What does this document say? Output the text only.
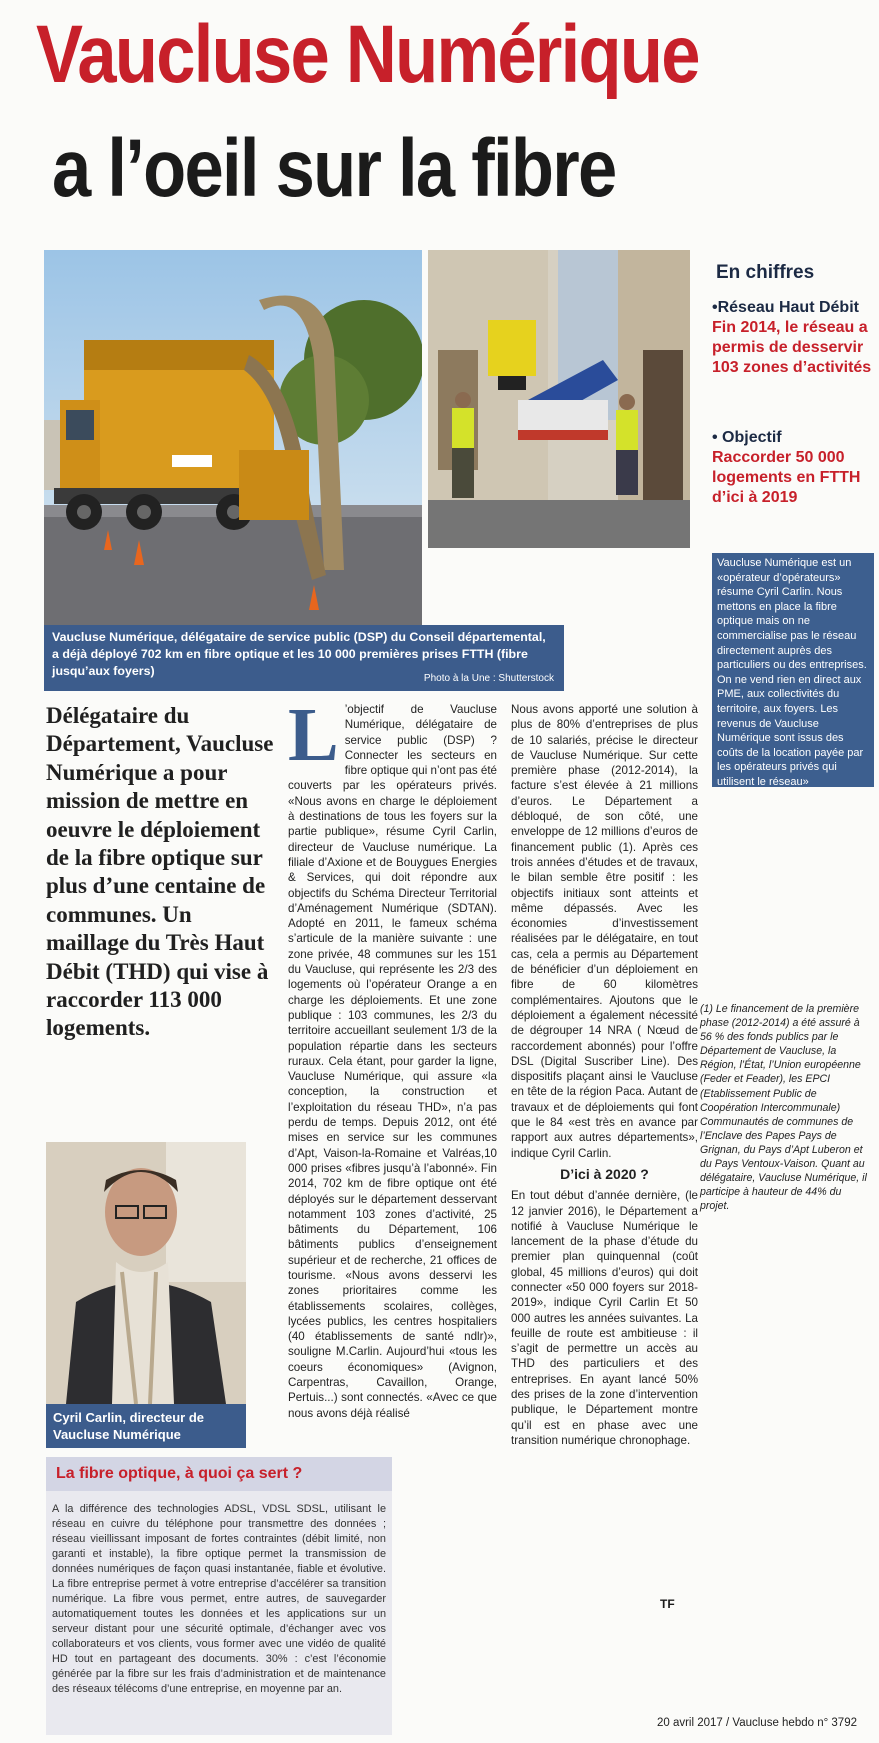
Vaucluse Numérique
a l’oeil sur la fibre
Vaucluse Numérique, délégataire de service public (DSP) du Conseil départemental, a déjà déployé 702 km en fibre optique et les 10 000 premières prises FTTH (fibre jusqu’aux foyers)
Photo à la Une : Shutterstock
En chiffres
•Réseau Haut Débit
Fin 2014, le réseau a permis de desservir 103 zones d’activités
• Objectif
Raccorder 50 000 logements en FTTH d’ici à 2019
Vaucluse Numérique est un «opérateur d’opérateurs» résume Cyril Carlin. Nous mettons en place la fibre optique mais on ne commercialise pas le réseau directement auprès des particuliers ou des entreprises. On ne vend rien en direct aux PME, aux collectivités du territoire, aux foyers. Les revenus de Vaucluse Numérique sont issus des coûts de la location payée par les opérateurs privés qui utilisent le réseau»
Délégataire du Département, Vaucluse Numérique a pour mission de mettre en oeuvre le déploiement de la fibre optique sur plus d’une centaine de communes. Un maillage du Très Haut Débit (THD) qui vise à raccorder 113 000 logements.
Cyril Carlin, directeur de Vaucluse Numérique
L ’objectif de Vaucluse Numérique, délégataire de service public (DSP) ? Connecter les secteurs en fibre optique qui n’ont pas été couverts par les opérateurs privés. «Nous avons en charge le déploiement à destinations de tous les foyers sur la partie publique», résume Cyril Carlin, directeur de Vaucluse numérique. La filiale d’Axione et de Bouygues Energies & Services, qui doit répondre aux objectifs du Schéma Directeur Territorial d’Aménagement Numérique (SDTAN). Adopté en 2011, le fameux schéma s’articule de la manière suivante : une zone privée, 48 communes sur les 151 du Vaucluse, qui représente les 2/3 des logements où l’opérateur Orange a en charge les déploiements. Et une zone publique : 103 communes, les 2/3 du territoire accueillant seulement 1/3 de la population répartie dans les secteurs ruraux. Cela étant, pour garder la ligne, Vaucluse Numérique, qui assure «la conception, la construction et l’exploitation du réseau THD», n’a pas perdu de temps. Depuis 2012, ont été mises en service sur les communes d’Apt, Vaison-la-Romaine et Valréas,10 000 prises «fibres jusqu’à l’abonné». Fin 2014, 702 km de fibre optique ont été déployés sur le département desservant notamment 103 zones d’activité, 25 bâtiments du Département, 106 bâtiments publics d’enseignement supérieur et de recherche, 21 offices de tourisme. «Nous avons desservi les zones prioritaires comme les établissements scolaires, collèges, lycées publics, les centres hospitaliers (40 établissements de santé ndlr)», souligne M.Carlin. Aujourd’hui «tous les coeurs économiques» (Avignon, Carpentras, Cavaillon, Orange, Pertuis...) sont connectés. «Avec ce que nous avons déjà réalisé

Nous avons apporté une solution à plus de 80% d’entreprises de plus de 10 salariés, précise le directeur de Vaucluse Numérique. Sur cette première phase (2012-2014), la facture s’est élevée à 21 millions d’euros. Le Département a débloqué, de son côté, une enveloppe de 12 millions d’euros de financement public (1). Après ces trois années d’études et de travaux, le bilan semble être positif : les objectifs initiaux sont atteints et même dépassés. Avec les économies d’investissement réalisées par le délégataire, en tout cas, cela a permis au Département de bénéficier d’un déploiement en fibre de 60 kilomètres complémentaires. Ajoutons que le déploiement a également nécessité de dégrouper 14 NRA ( Nœud de raccordement abonnés) pour l’offre DSL (Digital Suscriber Line). Des dispositifs plaçant ainsi le Vaucluse en tête de la région Paca. Autant de travaux et de déploiements qui font que le 84 «est très en avance par rapport aux autres départements», indique Cyril Carlin.

D’ici à 2020 ?

En tout début d’année dernière, (le 12 janvier 2016), le Département a notifié à Vaucluse Numérique le lancement de la phase d’étude du premier plan quinquennal (coût global, 45 millions d’euros) qui doit connecter «50 000 foyers sur 2018-2019», indique Cyril Carlin Et 50 000 autres les années suivantes. La feuille de route est ambitieuse : il s’agit de permettre un accès au THD des particuliers et des entreprises. En ayant lancé 50% des prises de la zone d’intervention publique, le Département montre qu’il est en phase avec une transition numérique chronophage.

TF
(1) Le financement de la première phase (2012-2014) a été assuré à 56 % des fonds publics par le Département de Vaucluse, la Région, l’État, l’Union européenne (Feder et Feader), les EPCI (Etablissement Public de Coopération Intercommunale) Communautés de communes de l’Enclave des Papes Pays de Grignan, du Pays d’Apt Luberon et du Pays Ventoux-Vaison. Quant au délégataire, Vaucluse Numérique, il participe à hauteur de 44% du projet.
La fibre optique, à quoi ça sert ?
A la différence des technologies ADSL, VDSL SDSL, utilisant le réseau en cuivre du téléphone pour transmettre des données ; réseau vieillissant imposant de fortes contraintes (débit limité, non garanti et instable), la fibre optique permet la transmission de données numériques de façon quasi instantanée, fiable et évolutive. La fibre entreprise permet à votre entreprise d’accélérer sa transition numérique. La fibre vous permet, entre autres, de sauvegarder automatiquement toutes les données et les applications sur un serveur distant pour une sécurité optimale, d’échanger avec vos collaborateurs et vos clients, vous former avec une vidéo de qualité HD tout en partageant des documents. 30% : c’est l’économie générée par la fibre sur les frais d’administration et de maintenance des réseaux télécoms d’une entreprise, en moyenne par an.
20 avril 2017 / Vaucluse hebdo n° 3792
